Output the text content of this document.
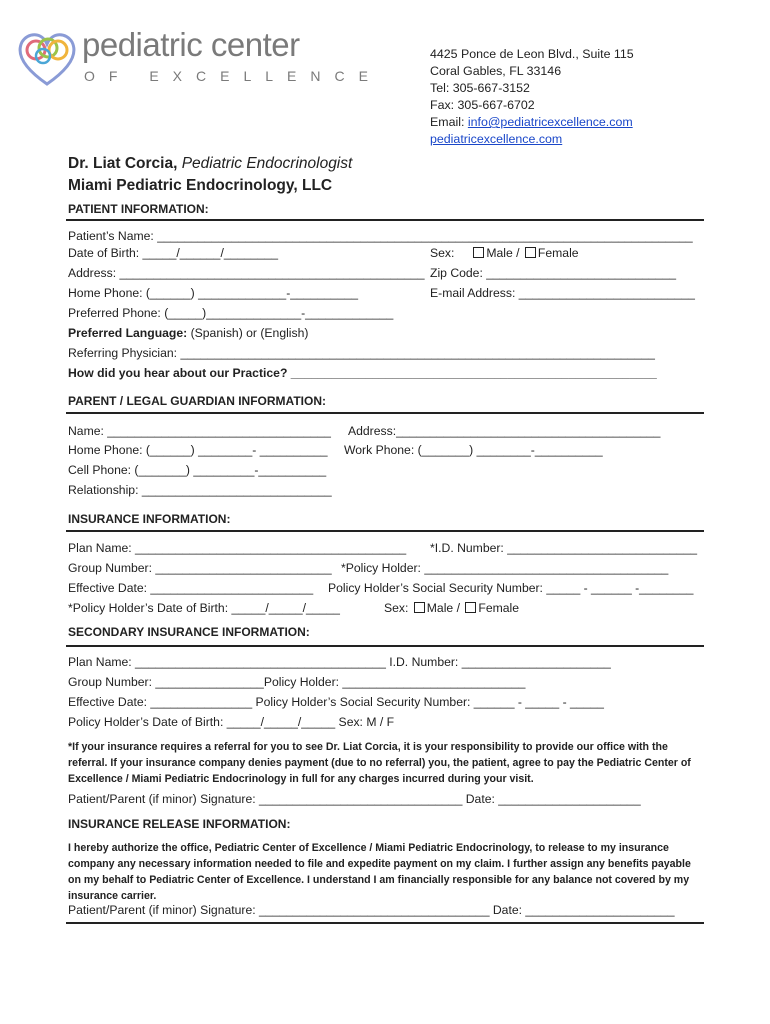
pediatric center
OF EXCELLENCE
4425 Ponce de Leon Blvd., Suite 115
Coral Gables, FL 33146
Tel: 305-667-3152
Fax: 305-667-6702
Email: info@pediatricexcellence.com
pediatricexcellence.com
Dr. Liat Corcia, Pediatric Endocrinologist
Miami Pediatric Endocrinology, LLC
PATIENT INFORMATION:
Patient’s Name: _______________________________________________________________________________
Date of Birth: _____/______/________	Sex:	Male / Female
Address: _____________________________________________ Zip Code: ____________________________
Home Phone: (______) _____________-__________	E-mail Address: __________________________
Preferred Phone: (_____)______________-_____________
Preferred Language: (Spanish) or (English)
Referring Physician: ______________________________________________________________________
How did you hear about our Practice? ______________________________________________________
PARENT / LEGAL GUARDIAN INFORMATION:
Name: _________________________________ Address:_______________________________________
Home Phone: (______) ________- __________ Work Phone: (_______) ________-__________
Cell Phone: (_______) _________-__________
Relationship: ____________________________
INSURANCE INFORMATION:
Plan Name: ________________________________________ *I.D. Number: ____________________________
Group Number: __________________________ *Policy Holder: ____________________________________
Effective Date: ________________________ Policy Holder’s Social Security Number: _____ - ______ -________
*Policy Holder’s Date of Birth: _____/_____/_____	Sex: Male / Female
SECONDARY INSURANCE INFORMATION:
Plan Name: _____________________________________ I.D. Number: ______________________
Group Number: ________________Policy Holder: ___________________________
Effective Date: _______________ Policy Holder’s Social Security Number: ______ - _____ - _____
Policy Holder’s Date of Birth: _____/_____/_____ Sex: M / F
*If your insurance requires a referral for you to see Dr. Liat Corcia, it is your responsibility to provide our office with the referral. If your insurance company denies payment (due to no referral) you, the patient, agree to pay the Pediatric Center of Excellence / Miami Pediatric Endocrinology in full for any charges incurred during your visit.
Patient/Parent (if minor) Signature: ______________________________ Date: _____________________
INSURANCE RELEASE INFORMATION:
I hereby authorize the office, Pediatric Center of Excellence / Miami Pediatric Endocrinology, to release to my insurance company any necessary information needed to file and expedite payment on my claim. I further assign any benefits payable on my behalf to Pediatric Center of Excellence. I understand I am financially responsible for any balance not covered by my insurance carrier.
Patient/Parent (if minor) Signature: __________________________________ Date: ______________________
